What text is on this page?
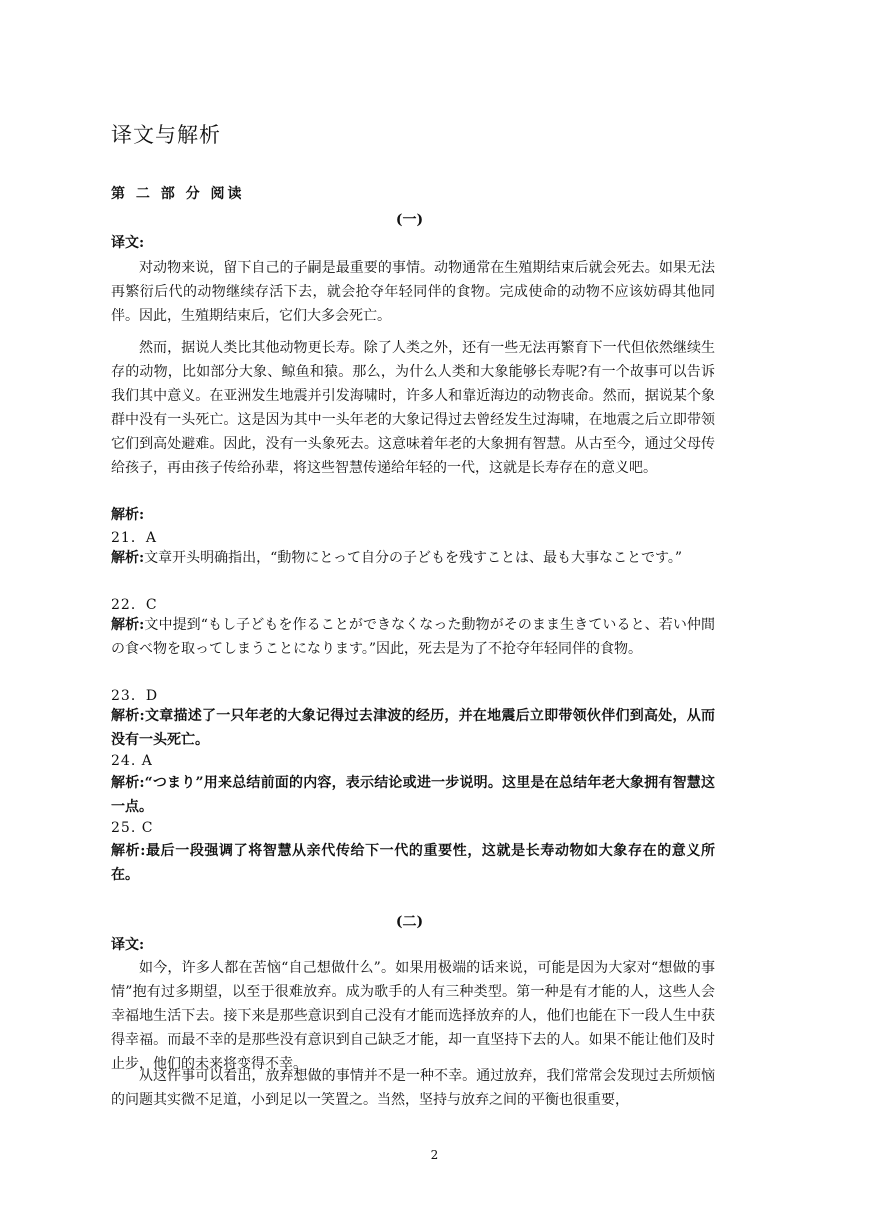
译文与解析
第 二 部 分 阅读
(一)
译文:

对动物来说，留下自己的子嗣是最重要的事情。动物通常在生殖期结束后就会死去。如果无法再繁衍后代的动物继续存活下去，就会抢夺年轻同伴的食物。完成使命的动物不应该妨碍其他同伴。因此，生殖期结束后，它们大多会死亡。

然而，据说人类比其他动物更长寿。除了人类之外，还有一些无法再繁育下一代但依然继续生存的动物，比如部分大象、鲸鱼和猿。那么，为什么人类和大象能够长寿呢?有一个故事可以告诉我们其中意义。在亚洲发生地震并引发海啸时，许多人和靠近海边的动物丧命。然而，据说某个象群中没有一头死亡。这是因为其中一头年老的大象记得过去曾经发生过海啸，在地震之后立即带领它们到高处避难。因此，没有一头象死去。这意味着年老的大象拥有智慧。从古至今，通过父母传给孩子，再由孩子传给孙辈，将这些智慧传递给年轻的一代，这就是长寿存在的意义吧。

解析:
21．A

解析:文章开头明确指出，“動物にとって自分の子どもを残すことは、最も大事なことです。”

22．C

解析:文中提到“もし子どもを作ることができなくなった動物がそのまま生きていると、若い仲間の食べ物を取ってしまうことになります。”因此，死去是为了不抢夺年轻同伴的食物。

23．D

解析:文章描述了一只年老的大象记得过去津波的经历，并在地震后立即带领伙伴们到高处，从而没有一头死亡。

24. A

解析:“つまり”用来总结前面的内容，表示结论或进一步说明。这里是在总结年老大象拥有智慧这一点。

25. C

解析:最后一段强调了将智慧从亲代传给下一代的重要性，这就是长寿动物如大象存在的意义所在。

(二)
译文:

如今，许多人都在苦恼“自己想做什么”。如果用极端的话来说，可能是因为大家对“想做的事情”抱有过多期望，以至于很难放弃。成为歌手的人有三种类型。第一种是有才能的人，这些人会幸福地生活下去。接下来是那些意识到自己没有才能而选择放弃的人，他们也能在下一段人生中获得幸福。而最不幸的是那些没有意识到自己缺乏才能，却一直坚持下去的人。如果不能让他们及时止步，他们的未来将变得不幸。

从这件事可以看出，放弃想做的事情并不是一种不幸。通过放弃，我们常常会发现过去所烦恼的问题其实微不足道，小到足以一笑置之。当然，坚持与放弃之间的平衡也很重要，

2
